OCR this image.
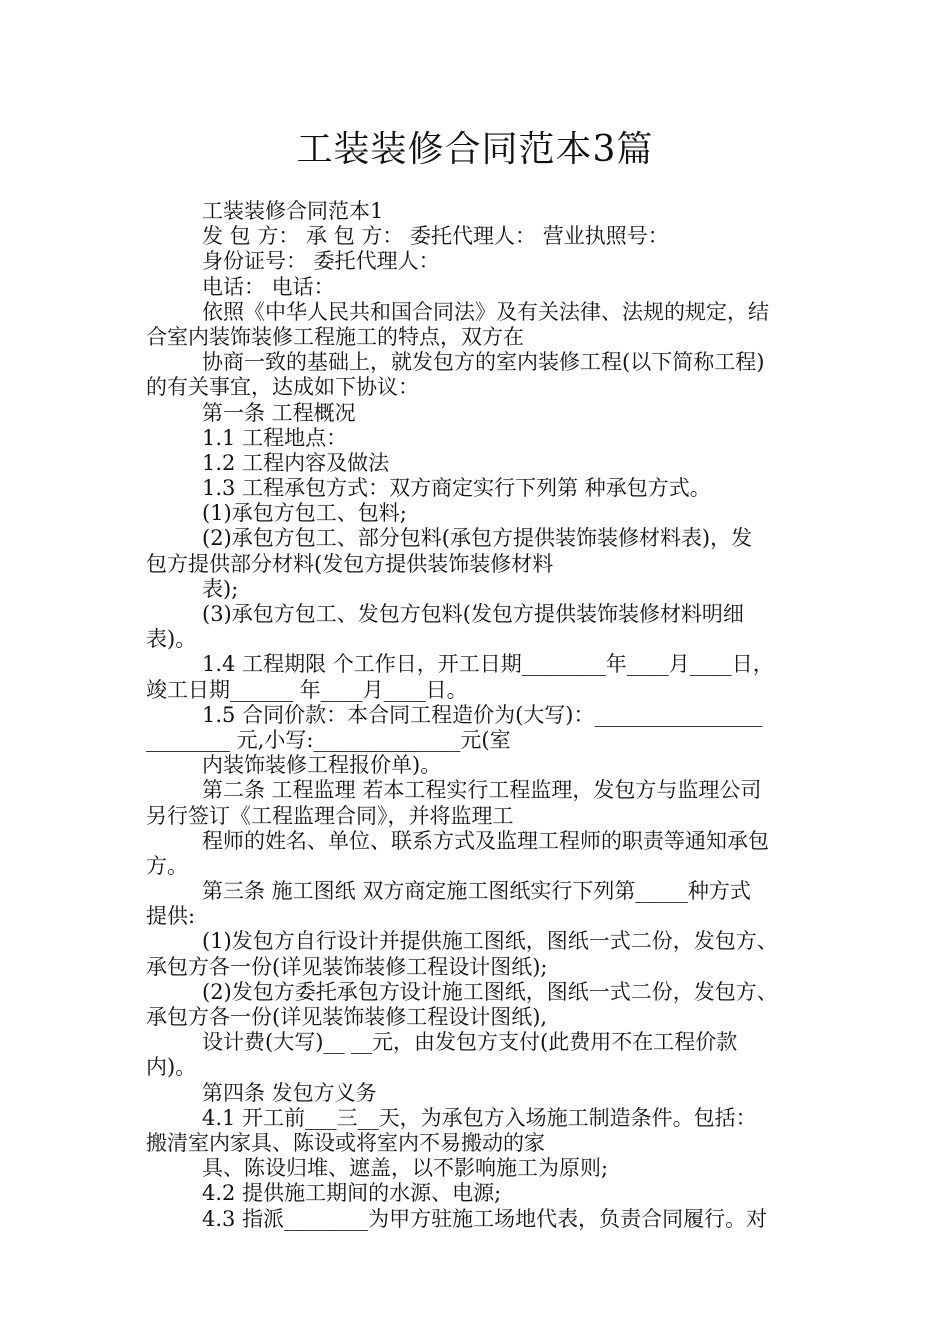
工装装修合同范本3篇
工装装修合同范本1
发 包 方： 承 包 方： 委托代理人： 营业执照号：
身份证号： 委托代理人：
电话： 电话：
依照《中华人民共和国合同法》及有关法律、法规的规定，结
合室内装饰装修工程施工的特点，双方在
协商一致的基础上，就发包方的室内装修工程(以下简称工程)
的有关事宜，达成如下协议：
第一条 工程概况
1.1 工程地点：
1.2 工程内容及做法
1.3 工程承包方式：双方商定实行下列第 种承包方式。
(1)承包方包工、包料;
(2)承包方包工、部分包料(承包方提供装饰装修材料表)，发
包方提供部分材料(发包方提供装饰装修材料
表);
(3)承包方包工、发包方包料(发包方提供装饰装修材料明细
表)。
1.4 工程期限 个工作日，开工日期________年____月____日，
竣工日期______ 年____月____日。
1.5 合同价款：本合同工程造价为(大写)：________________
________ 元,小写:______________元(室
内装饰装修工程报价单)。
第二条 工程监理 若本工程实行工程监理，发包方与监理公司
另行签订《工程监理合同》，并将监理工
程师的姓名、单位、联系方式及监理工程师的职责等通知承包
方。
第三条 施工图纸 双方商定施工图纸实行下列第_____种方式
提供:
(1)发包方自行设计并提供施工图纸，图纸一式二份，发包方、
承包方各一份(详见装饰装修工程设计图纸);
(2)发包方委托承包方设计施工图纸，图纸一式二份，发包方、
承包方各一份(详见装饰装修工程设计图纸),
设计费(大写)__ __元，由发包方支付(此费用不在工程价款
内)。
第四条 发包方义务
4.1 开工前___三__天，为承包方入场施工制造条件。包括：
搬清室内家具、陈设或将室内不易搬动的家
具、陈设归堆、遮盖，以不影响施工为原则;
4.2 提供施工期间的水源、电源;
4.3 指派________为甲方驻施工场地代表，负责合同履行。对
